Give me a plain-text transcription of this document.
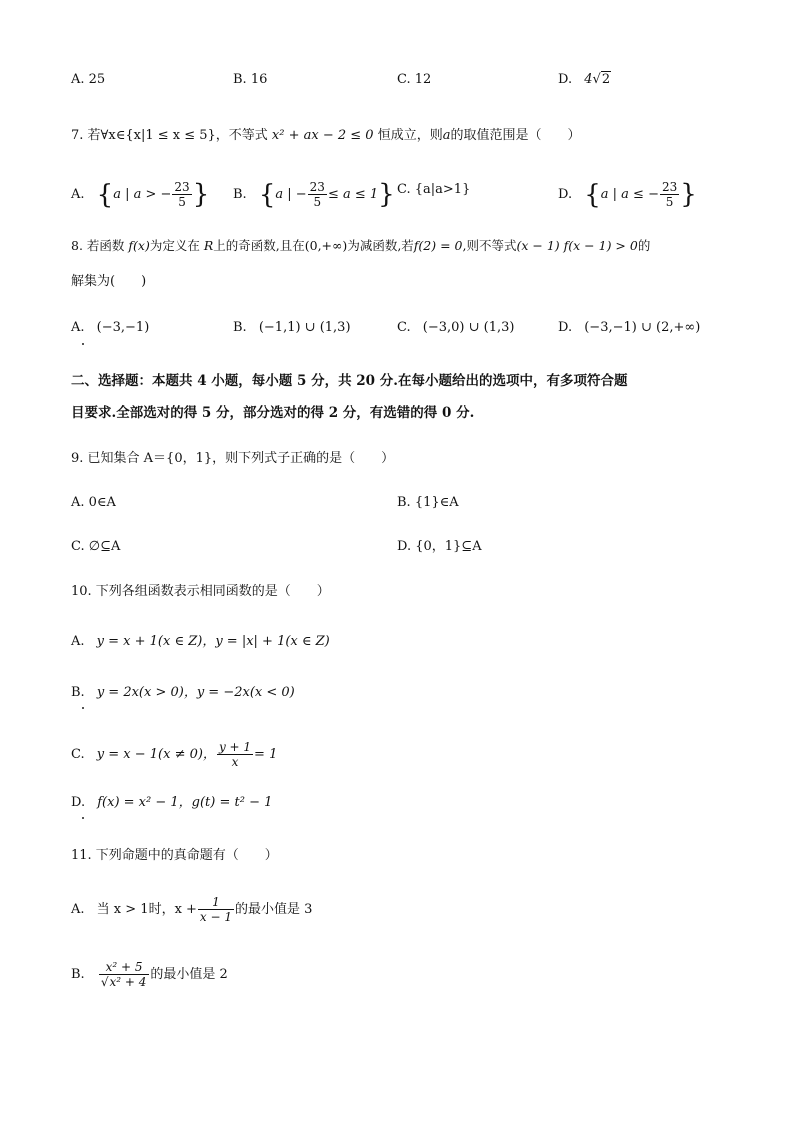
A. 25	B. 16	C. 12	D. 4√2
7. 若∀x∈{x|1 ≤ x ≤ 5}，不等式 x² + ax − 2 ≤ 0 恒成立，则a的取值范围是（　　）
A. {a | a > − $\frac{23}{5}$ } B. {a | − $\frac{23}{5} \le a \le 1$} C. {a|a>1}	D. {a | a ≤ − $\frac{23}{5}$ }
8. 若函数 f(x)为定义在 R上的奇函数,且在(0,+∞)为减函数,若f(2) = 0,则不等式(x − 1) f(x − 1) > 0的
解集为(　　)
A. (−3,−1)	B. (−1,1) ∪ (1,3)	C. (−3,0) ∪ (1,3)	D. (−3,−1) ∪ (2,+∞)
二、选择题：本题共 4 小题，每小题 5 分，共 20 分.在每小题给出的选项中，有多项符合题
目要求.全部选对的得 5 分，部分选对的得 2 分，有选错的得 0 分.
9. 已知集合 A＝{0，1}，则下列式子正确的是（　　）
A. 0∈A	B. {1}∈A
C. ∅⊆A	D. {0，1}⊆A
10. 下列各组函数表示相同函数的是（　　）
A. y = x + 1(x ∈ Z)，y = |x| + 1(x ∈ Z)
B. y = 2x(x > 0)，y = −2x(x < 0)
C. y = x − 1(x ≠ 0)， $\frac{y + 1}{x} = 1$
D. f(x) = x² − 1，g(t) = t² − 1
11. 下列命题中的真命题有（　　）
A. 当 x > 1时，$x + \frac{1}{x - 1}$ 的最小值是 3
B. $\frac{\text{x² + 5}}{\text{√x² + 4}}$ 的最小值是 2
